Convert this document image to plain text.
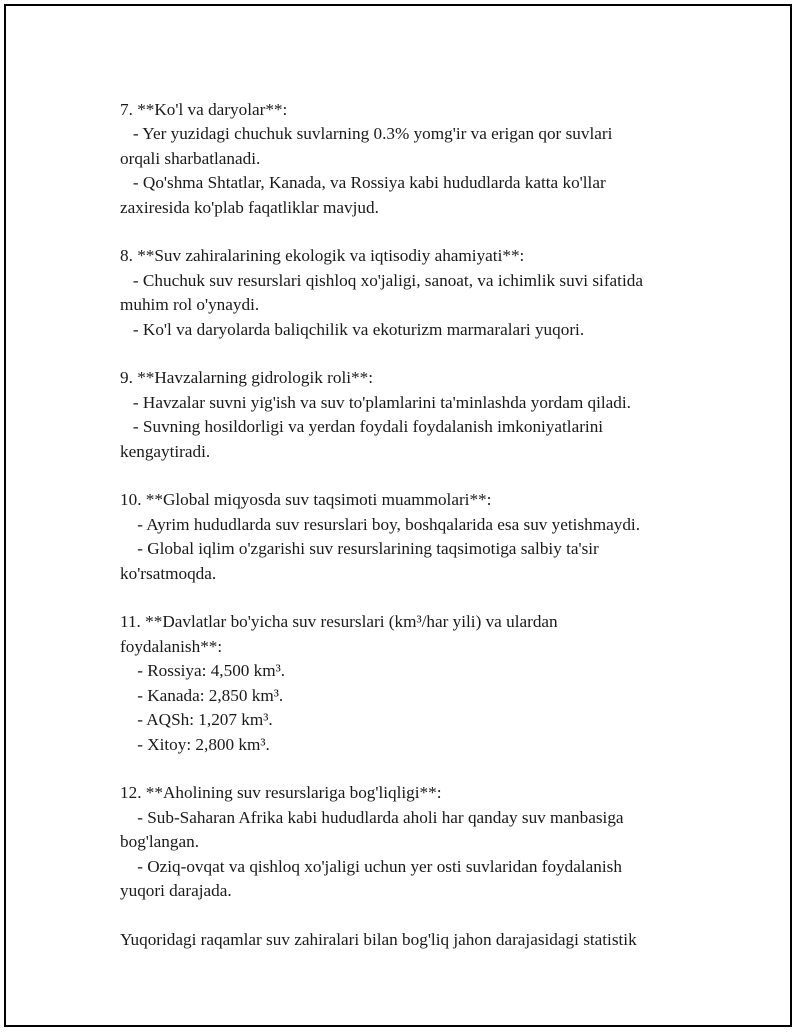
7. **Ko'l va daryolar**:
- Yer yuzidagi chuchuk suvlarning 0.3% yomg'ir va erigan qor suvlari
orqali sharbatlanadi.
- Qo'shma Shtatlar, Kanada, va Rossiya kabi hududlarda katta ko'llar
zaxiresida ko'plab faqatliklar mavjud.
8. **Suv zahiralarining ekologik va iqtisodiy ahamiyati**:
- Chuchuk suv resurslari qishloq xo'jaligi, sanoat, va ichimlik suvi sifatida
muhim rol o'ynaydi.
- Ko'l va daryolarda baliqchilik va ekoturizm marmaralari yuqori.
9. **Havzalarning gidrologik roli**:
- Havzalar suvni yig'ish va suv to'plamlarini ta'minlashda yordam qiladi.
- Suvning hosildorligi va yerdan foydali foydalanish imkoniyatlarini
kengaytiradi.
10. **Global miqyosda suv taqsimoti muammolari**:
- Ayrim hududlarda suv resurslari boy, boshqalarida esa suv yetishmaydi.
- Global iqlim o'zgarishi suv resurslarining taqsimotiga salbiy ta'sir
ko'rsatmoqda.
11. **Davlatlar bo'yicha suv resurslari (km³/har yili) va ulardan
foydalanish**:
- Rossiya: 4,500 km³.
- Kanada: 2,850 km³.
- AQSh: 1,207 km³.
- Xitoy: 2,800 km³.
12. **Aholining suv resurslariga bog'liqligi**:
- Sub-Saharan Afrika kabi hududlarda aholi har qanday suv manbasiga
bog'langan.
- Oziq-ovqat va qishloq xo'jaligi uchun yer osti suvlaridan foydalanish
yuqori darajada.
Yuqoridagi raqamlar suv zahiralari bilan bog'liq jahon darajasidagi statistik
